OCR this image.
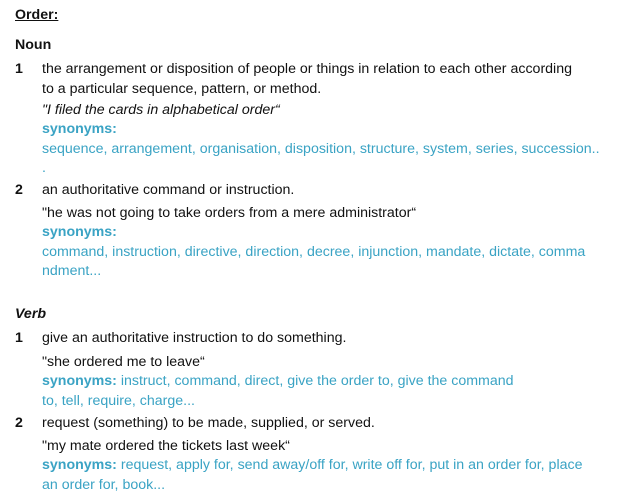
Order:
Noun
1 the arrangement or disposition of people or things in relation to each other according
to a particular sequence, pattern, or method.
"I filed the cards in alphabetical order“
synonyms:
sequence, arrangement, organisation, disposition, structure, system, series, succession..
.
2 an authoritative command or instruction.
"he was not going to take orders from a mere administrator“
synonyms:
command, instruction, directive, direction, decree, injunction, mandate, dictate, comma
ndment...
Verb
1 give an authoritative instruction to do something.
"she ordered me to leave“
synonyms: instruct, command, direct, give the order to, give the command
to, tell, require, charge...
2 request (something) to be made, supplied, or served.
"my mate ordered the tickets last week“
synonyms: request, apply for, send away/off for, write off for, put in an order for, place
an order for, book...
